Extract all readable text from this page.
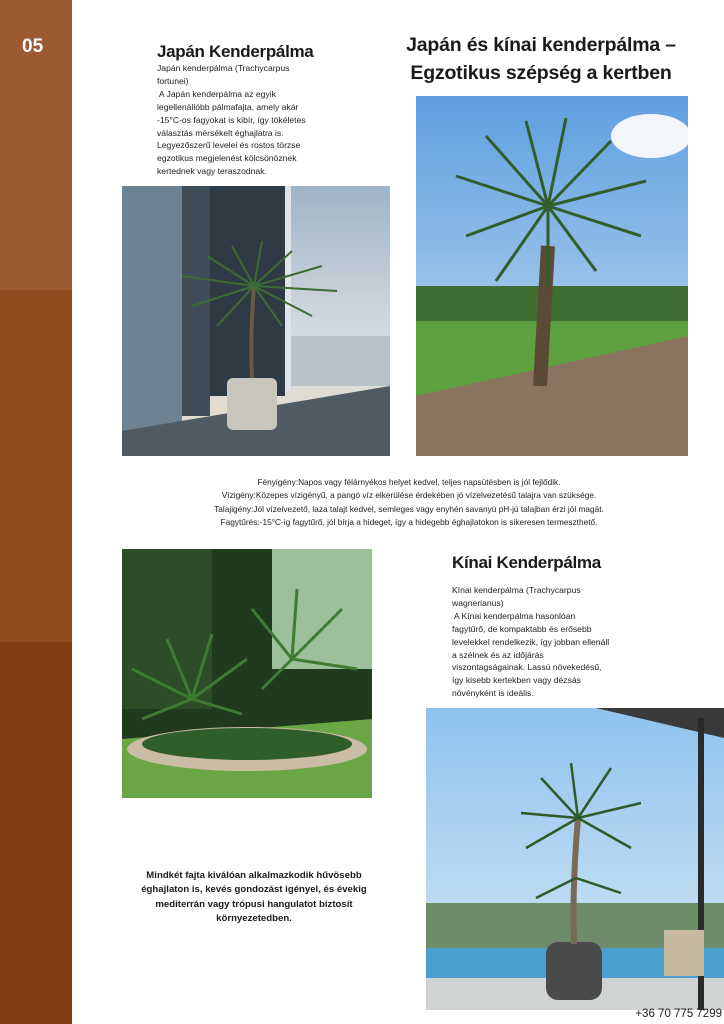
05	Japán és kínai kenderpálma –
Egzotikus szépség a kertben
Japán Kenderpálma
Japán kenderpálma (Trachycarpus
fortunei)
A Japán kenderpálma az egyik
legellenállóbb pálmafajta, amely akár
-15°C-os fagyokat is kibír, így tökéletes
választás mérsékelt éghajlatra is.
Legyezőszerű levelei és rostos törzse
egzotikus megjelenést kölcsönöznek
kertednek vagy teraszodnak.
Fényigény:Napos vagy félárnyékos helyet kedvel, teljes napsütésben is jól fejlődik.
Vízigény:Közepes vízigényű, a pangó víz elkerülése érdekében jó vízelvezetésű talajra van szüksége.
Talajigény:Jól vízelvezető, laza talajt kedvel, semleges vagy enyhén savanyú pH-jú talajban érzi jól magát.
Fagytűrés:-15°C-ig fagytűrő, jól bírja a hideget, így a hidegebb éghajlatokon is sikeresen termeszthető.
Kínai Kenderpálma
Kínai kenderpálma (Trachycarpus
wagnerianus)
A Kínai kenderpálma hasonlóan
fagytűrő, de kompaktabb és erősebb
levelekkel rendelkezik, így jobban ellenáll
a szélnek és az időjárás
viszontagságainak. Lassú növekedésű,
így kisebb kertekben vagy dézsás
növényként is ideális.
Mindkét fajta kiválóan alkalmazkodik hűvösebb
éghajlaton is, kevés gondozást igényel, és évekig
mediterrán vagy trópusi hangulatot biztosít
környezetedben.
+36 70 775 7299
